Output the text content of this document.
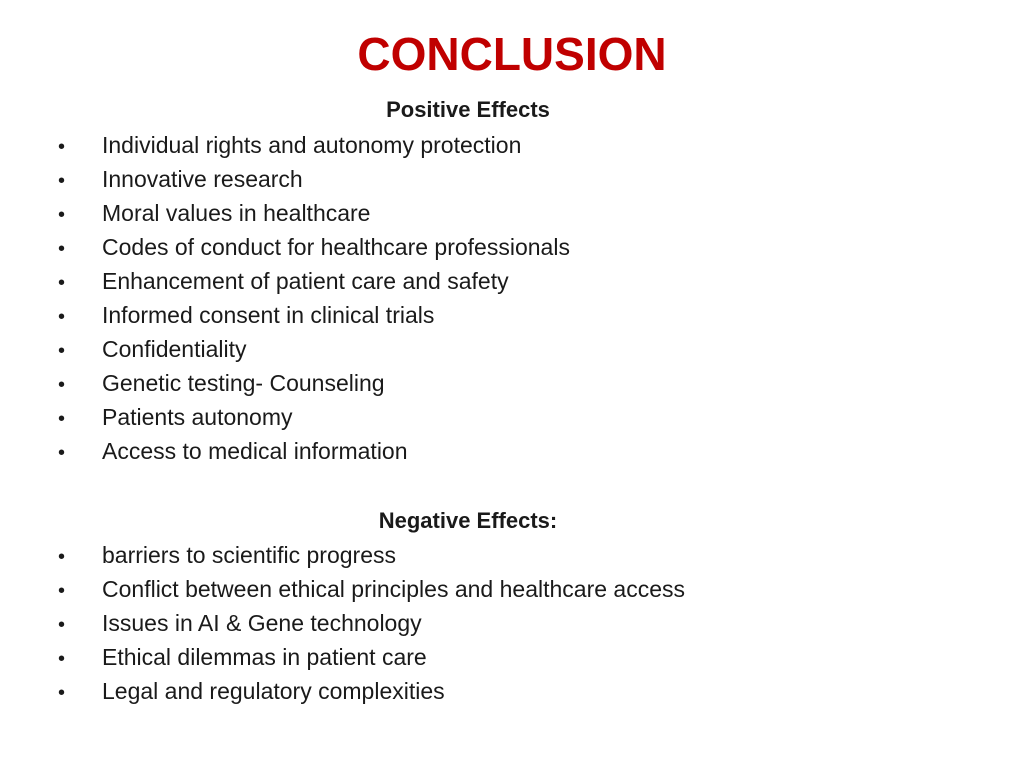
CONCLUSION
Positive Effects
•	Individual rights and autonomy protection
•	Innovative research
•	Moral values in healthcare
•	Codes of conduct for healthcare professionals
•	Enhancement of patient care and safety
•	Informed consent in clinical trials
•	Confidentiality
•	Genetic testing- Counseling
•	Patients autonomy
•	Access to medical information
Negative Effects:
•	barriers to scientific progress
•	Conflict between ethical principles and healthcare access
•	Issues in AI & Gene technology
•	Ethical dilemmas in patient care
•	Legal and regulatory complexities
